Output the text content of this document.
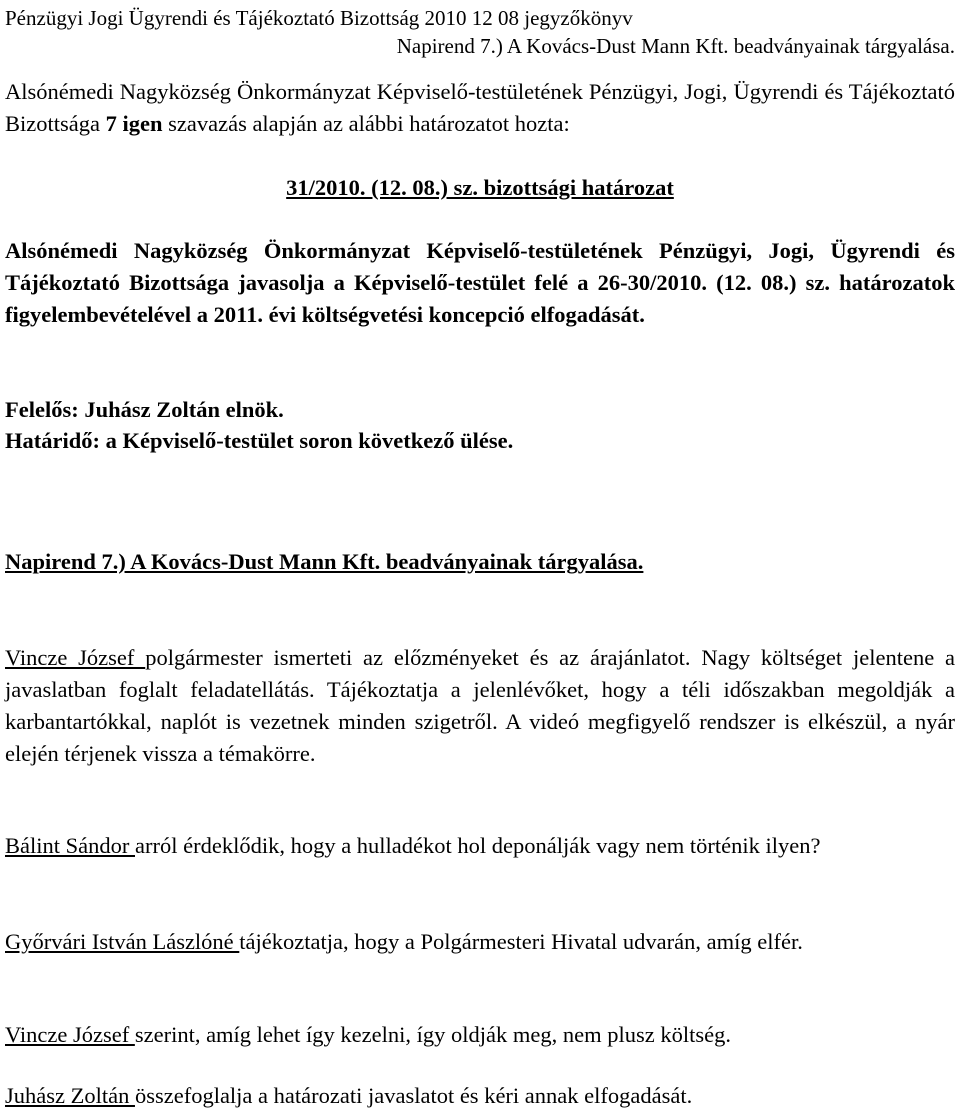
Pénzügyi Jogi Ügyrendi és Tájékoztató Bizottság 2010 12 08 jegyzőkönyv
Napirend 7.) A Kovács-Dust Mann Kft. beadványainak tárgyalása.
Alsónémedi Nagyközség Önkormányzat Képviselő-testületének Pénzügyi, Jogi, Ügyrendi és Tájékoztató Bizottsága 7 igen szavazás alapján az alábbi határozatot hozta:
31/2010. (12. 08.) sz. bizottsági határozat
Alsónémedi Nagyközség Önkormányzat Képviselő-testületének Pénzügyi, Jogi, Ügyrendi és Tájékoztató Bizottsága javasolja a Képviselő-testület felé a 26-30/2010. (12. 08.) sz. határozatok figyelembevételével a 2011. évi költségvetési koncepció elfogadását.
Felelős: Juhász Zoltán elnök.
Határidő: a Képviselő-testület soron következő ülése.
Napirend 7.) A Kovács-Dust Mann Kft. beadványainak tárgyalása.
Vincze József polgármester ismerteti az előzményeket és az árajánlatot. Nagy költséget jelentene a javaslatban foglalt feladatellátás. Tájékoztatja a jelenlévőket, hogy a téli időszakban megoldják a karbantartókkal, naplót is vezetnek minden szigetről. A videó megfigyelő rendszer is elkészül, a nyár elején térjenek vissza a témakörre.
Bálint Sándor arról érdeklődik, hogy a hulladékot hol deponálják vagy nem történik ilyen?
Győrvári István Lászlóné tájékoztatja, hogy a Polgármesteri Hivatal udvarán, amíg elfér.
Vincze József szerint, amíg lehet így kezelni, így oldják meg, nem plusz költség.
Juhász Zoltán összefoglalja a határozati javaslatot és kéri annak elfogadását.
